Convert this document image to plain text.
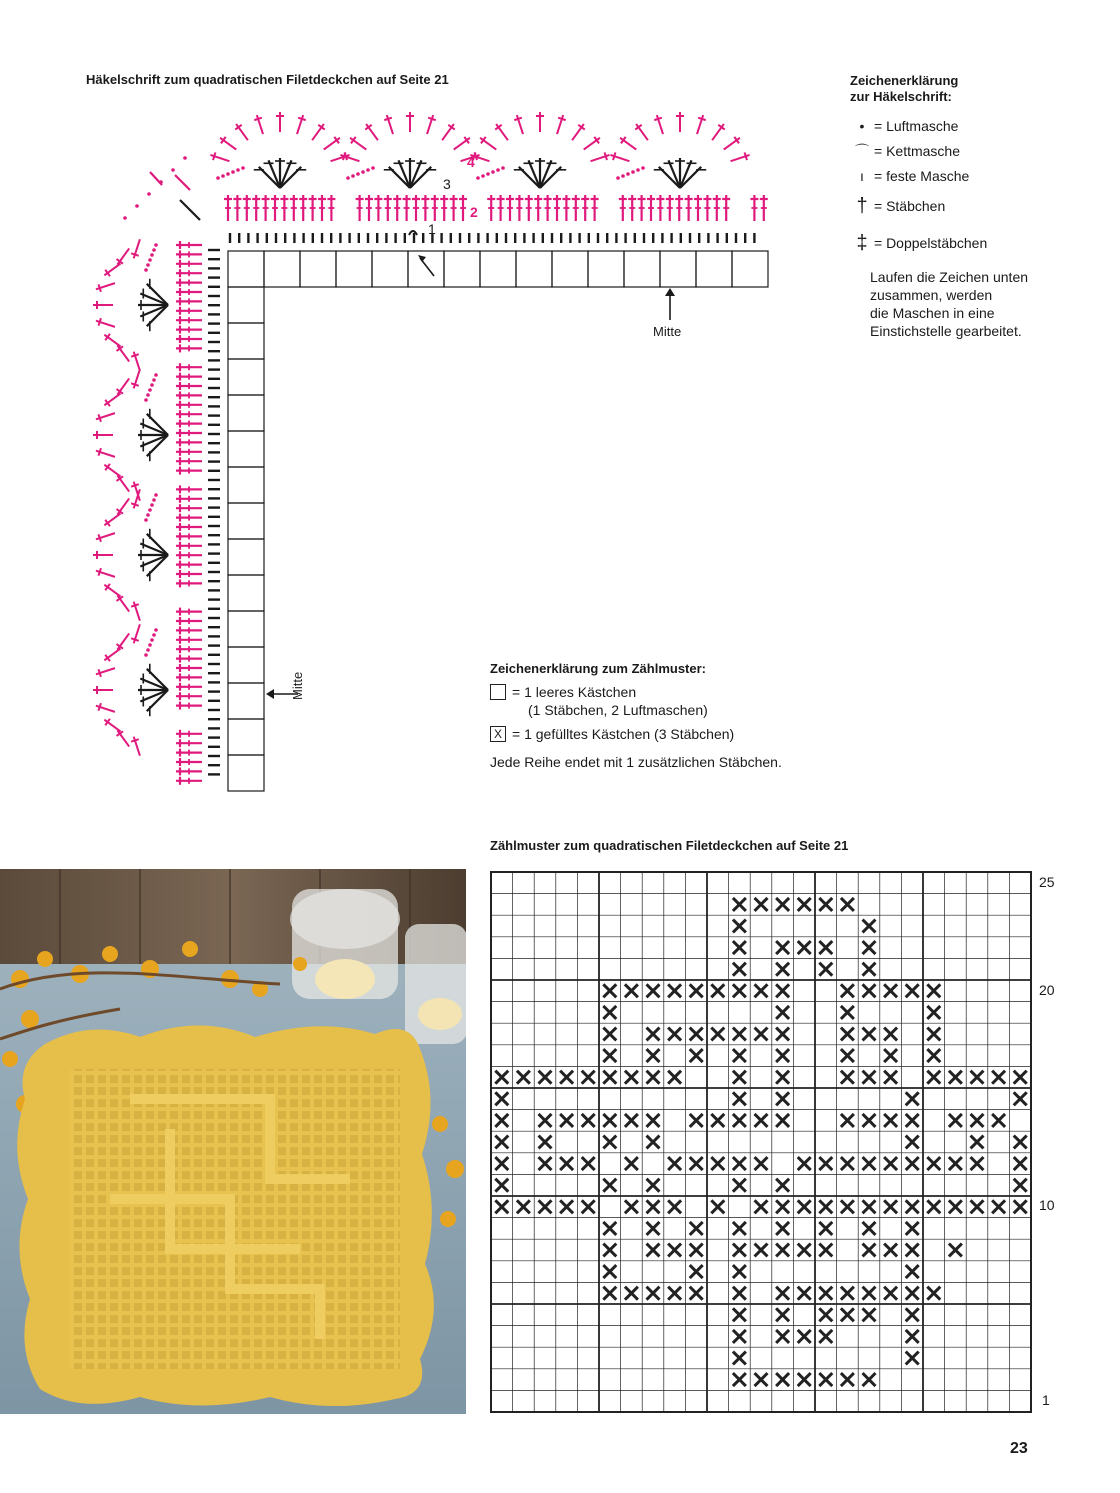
Häkelschrift zum quadratischen Filetdeckchen auf Seite 21	Zeichenerklärung
zur Häkelschrift:
• = Luftmasche
⌒ = Kettmasche
ı = feste Masche
† = Stäbchen
‡ = Doppelstäbchen
Laufen die Zeichen unten
zusammen, werden
die Maschen in eine
Einstichstelle gearbeitet.
Mitte
Mitte
1
2
3
4
Zeichenerklärung zum Zählmuster:
= 1 leeres Kästchen
(1 Stäbchen, 2 Luftmaschen)
X = 1 gefülltes Kästchen (3 Stäbchen)
Jede Reihe endet mit 1 zusätzlichen Stäbchen.
Zählmuster zum quadratischen Filetdeckchen auf Seite 21
25
20
10
1
23
